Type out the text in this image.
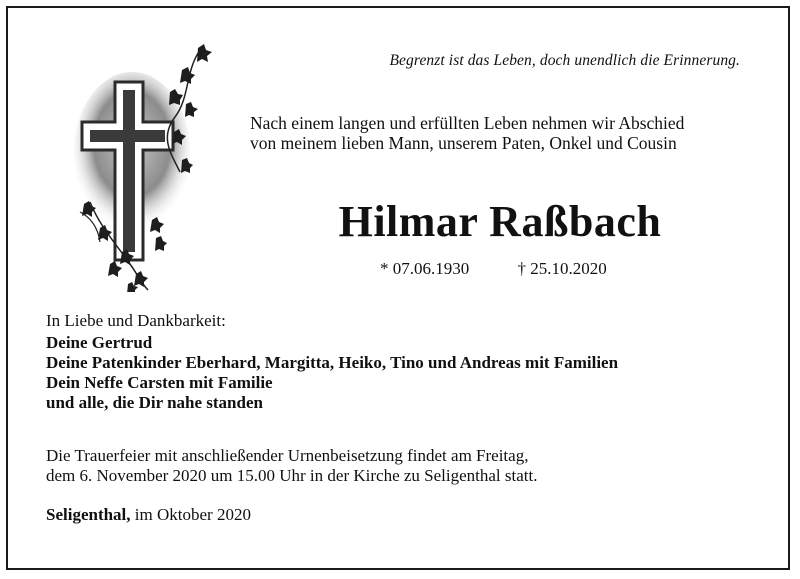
Begrenzt ist das Leben, doch unendlich die Erinnerung.
Nach einem langen und erfüllten Leben nehmen wir Abschied
von meinem lieben Mann, unserem Paten, Onkel und Cousin
Hilmar Raßbach
* 07.06.1930	† 25.10.2020
In Liebe und Dankbarkeit:
Deine Gertrud
Deine Patenkinder Eberhard, Margitta, Heiko, Tino und Andreas mit Familien
Dein Neffe Carsten mit Familie
und alle, die Dir nahe standen
Die Trauerfeier mit anschließender Urnenbeisetzung findet am Freitag,
dem 6. November 2020 um 15.00 Uhr in der Kirche zu Seligenthal statt.
Seligenthal, im Oktober 2020
